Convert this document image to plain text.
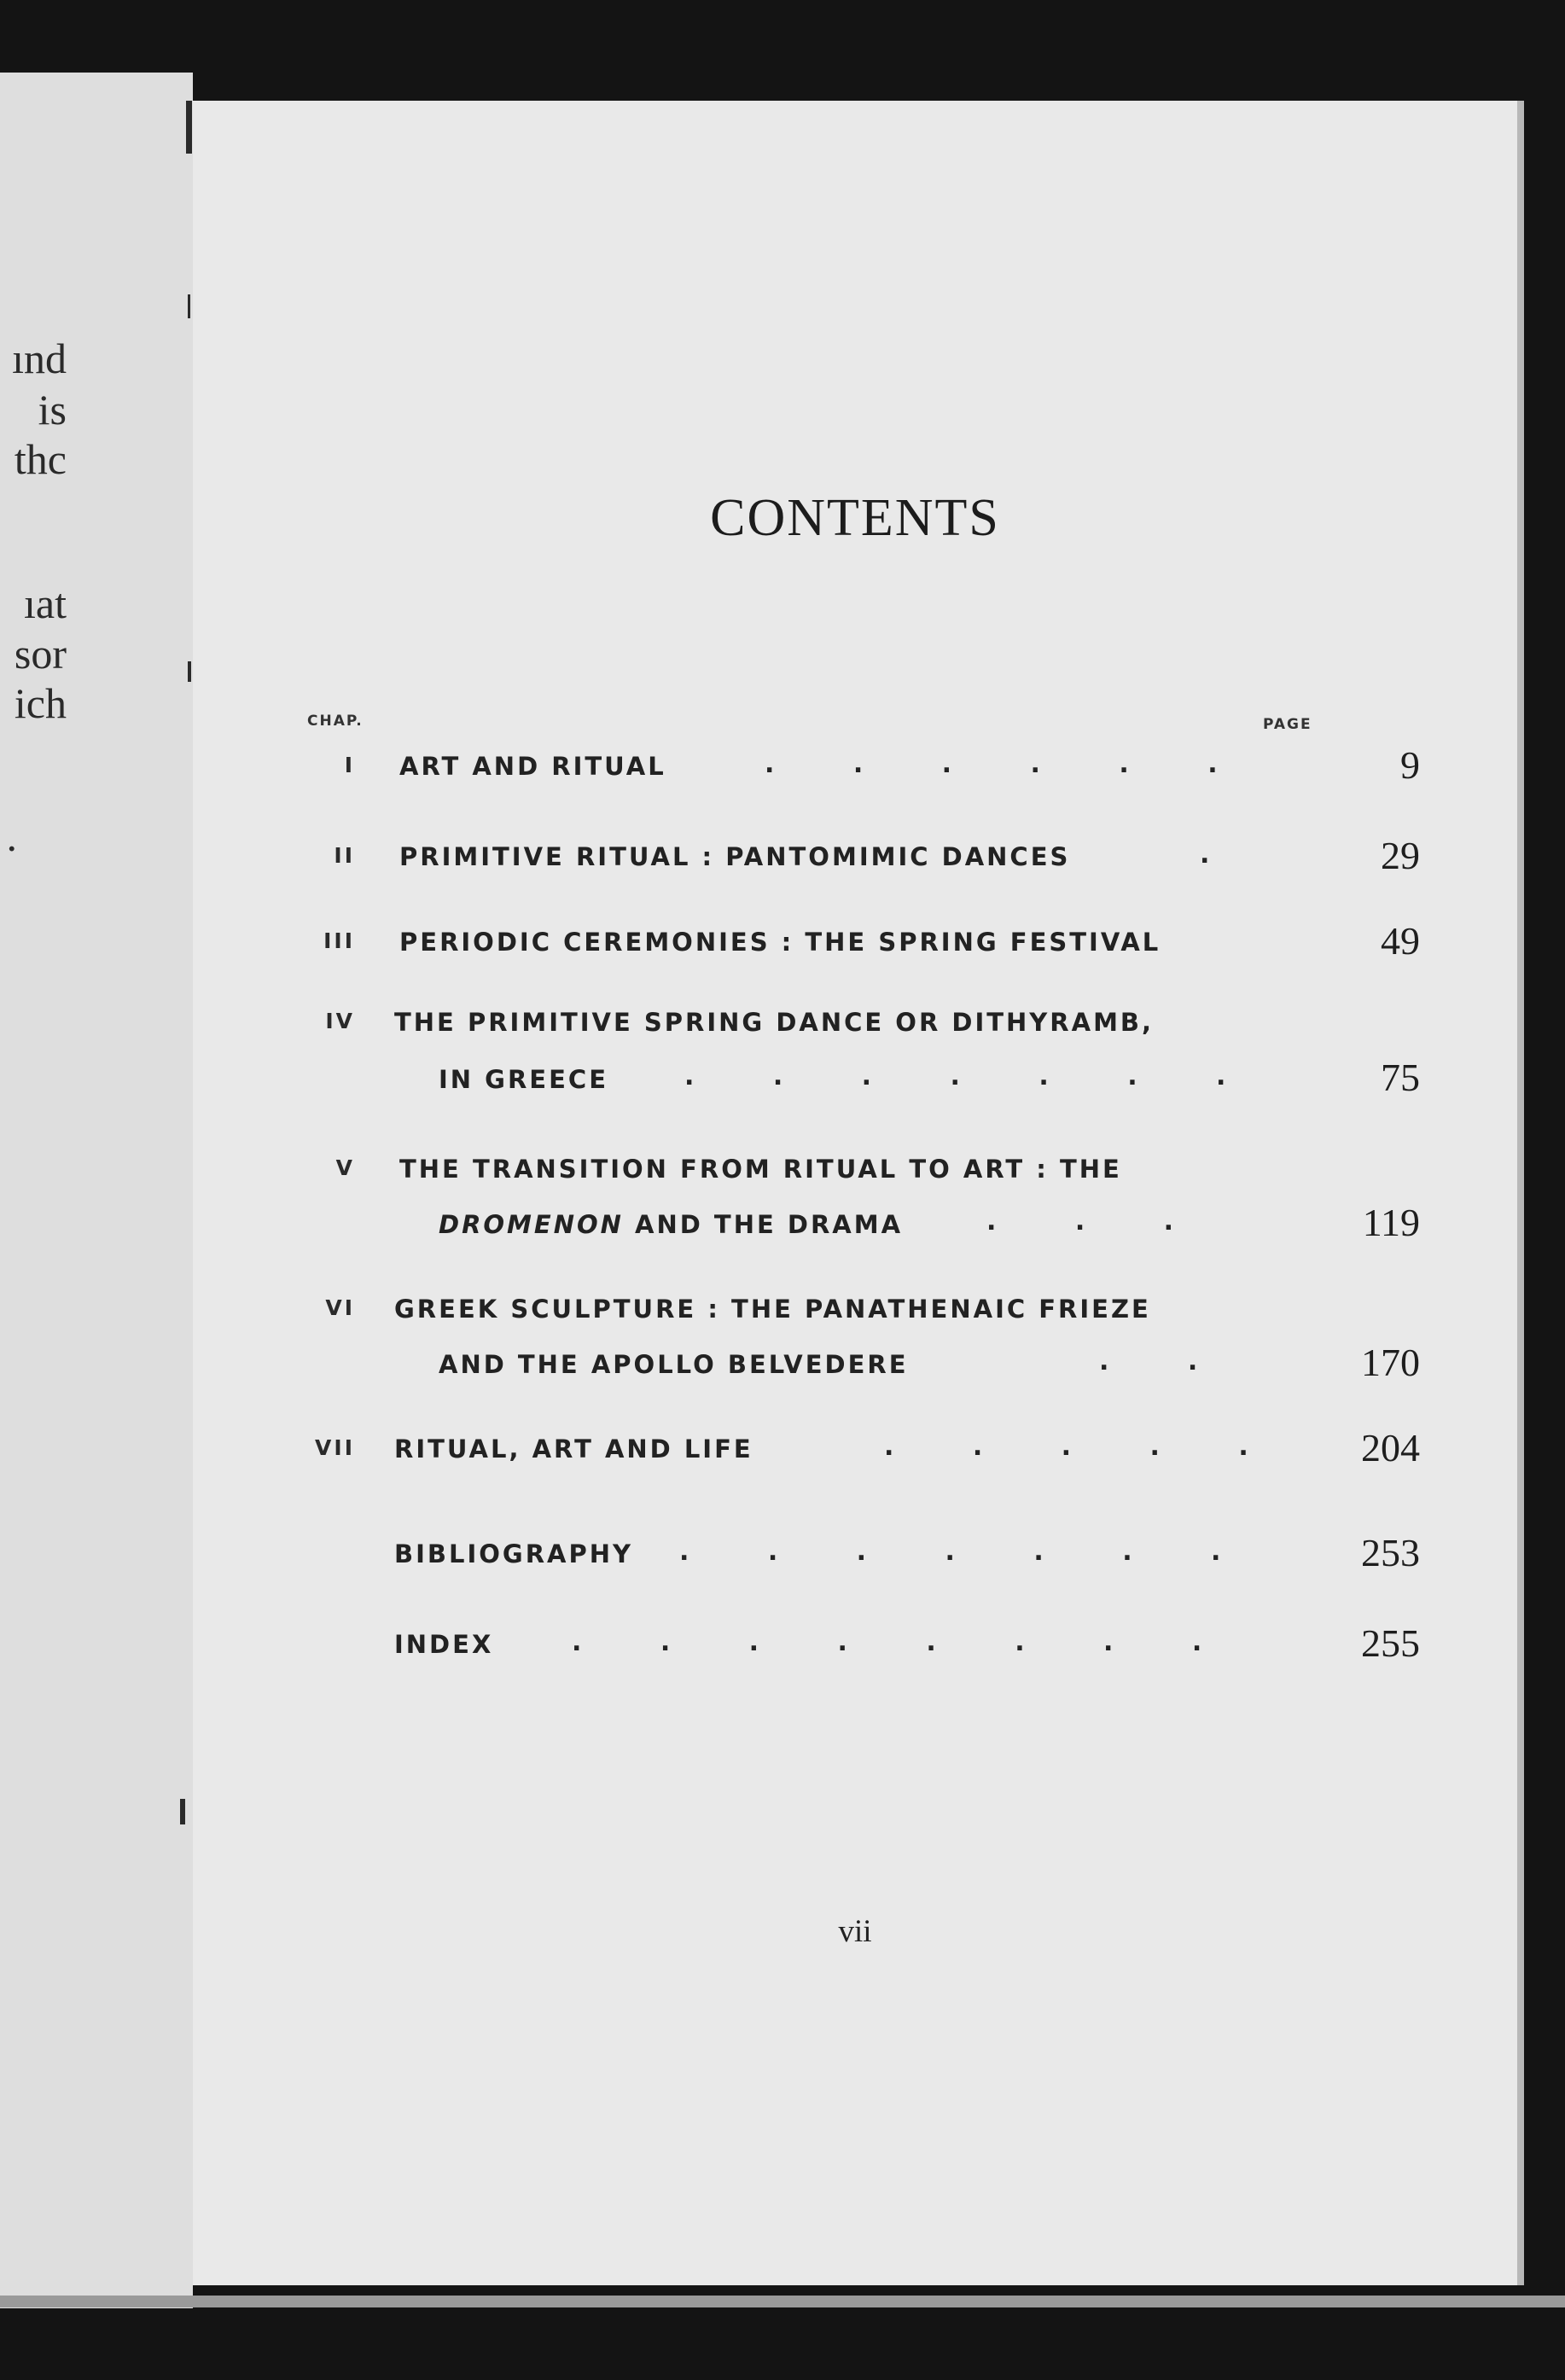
ınd
is
thc
ıat
sor
ich
.
CONTENTS
CHAP.	PAGE
I ART AND RITUAL	. . . . . .	9
II PRIMITIVE RITUAL : PANTOMIMIC DANCES	.	29
III PERIODIC CEREMONIES : THE SPRING FESTIVAL	49
IV THE PRIMITIVE SPRING DANCE OR DITHYRAMB,
IN GREECE	. . . . . . .	75
V THE TRANSITION FROM RITUAL TO ART : THE
DROMENON AND THE DRAMA	. . .	119
VI GREEK SCULPTURE : THE PANATHENAIC FRIEZE
AND THE APOLLO BELVEDERE	. .	170
VII RITUAL, ART AND LIFE	. . . . .	204
BIBLIOGRAPHY . . . . . . .	253
INDEX	. . . . . . . .	255
vii
